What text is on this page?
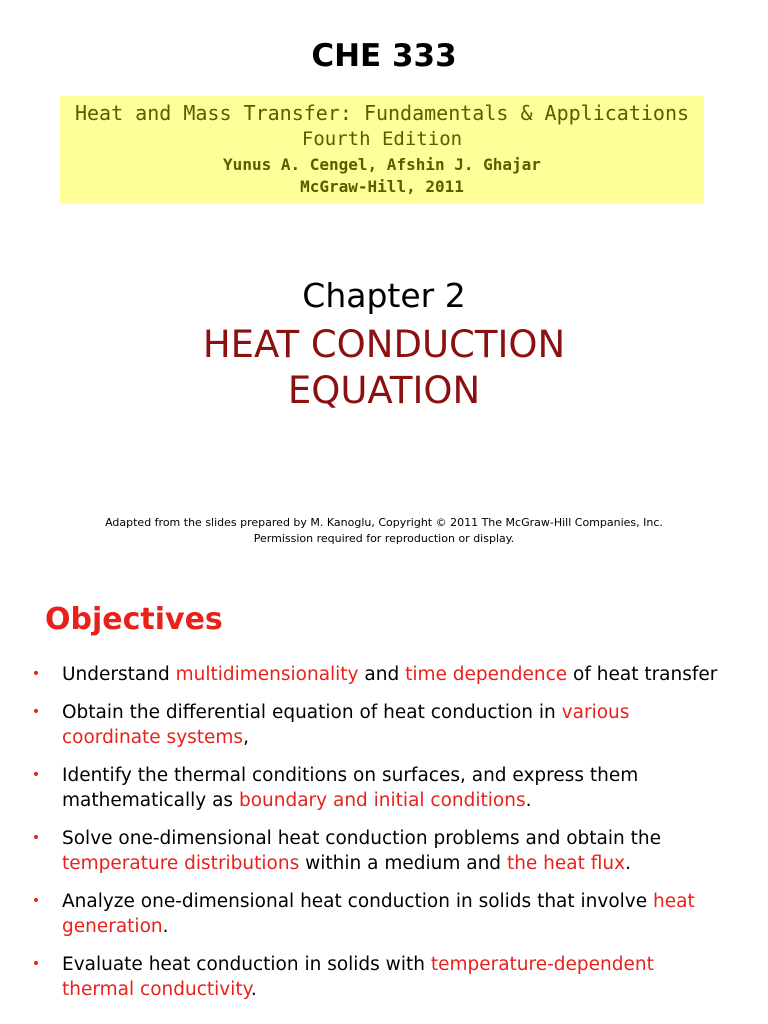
CHE 333
Heat and Mass Transfer: Fundamentals & Applications
Fourth Edition
Yunus A. Cengel, Afshin J. Ghajar
McGraw-Hill, 2011
Chapter 2
HEAT CONDUCTION
EQUATION
Adapted from the slides prepared by M. Kanoglu, Copyright © 2011 The McGraw-Hill Companies, Inc.
Permission required for reproduction or display.
Objectives
• Understand multidimensionality and time dependence of heat transfer
• Obtain the differential equation of heat conduction in various coordinate systems,
• Identify the thermal conditions on surfaces, and express them mathematically as boundary and initial conditions.
• Solve one-dimensional heat conduction problems and obtain the temperature distributions within a medium and the heat flux.
• Analyze one-dimensional heat conduction in solids that involve heat generation.
• Evaluate heat conduction in solids with temperature-dependent thermal conductivity.
